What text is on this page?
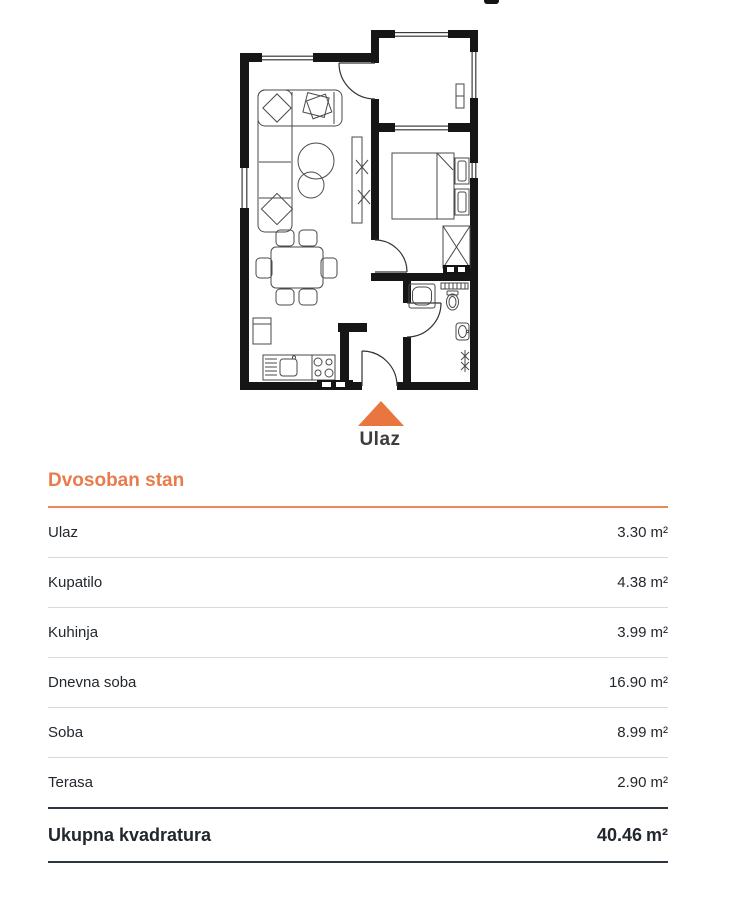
Ulaz
Dvosoban stan
Ulaz	3.30 m²
Kupatilo	4.38 m²
Kuhinja	3.99 m²
Dnevna soba	16.90 m²
Soba	8.99 m²
Terasa	2.90 m²
Ukupna kvadratura	40.46 m²
